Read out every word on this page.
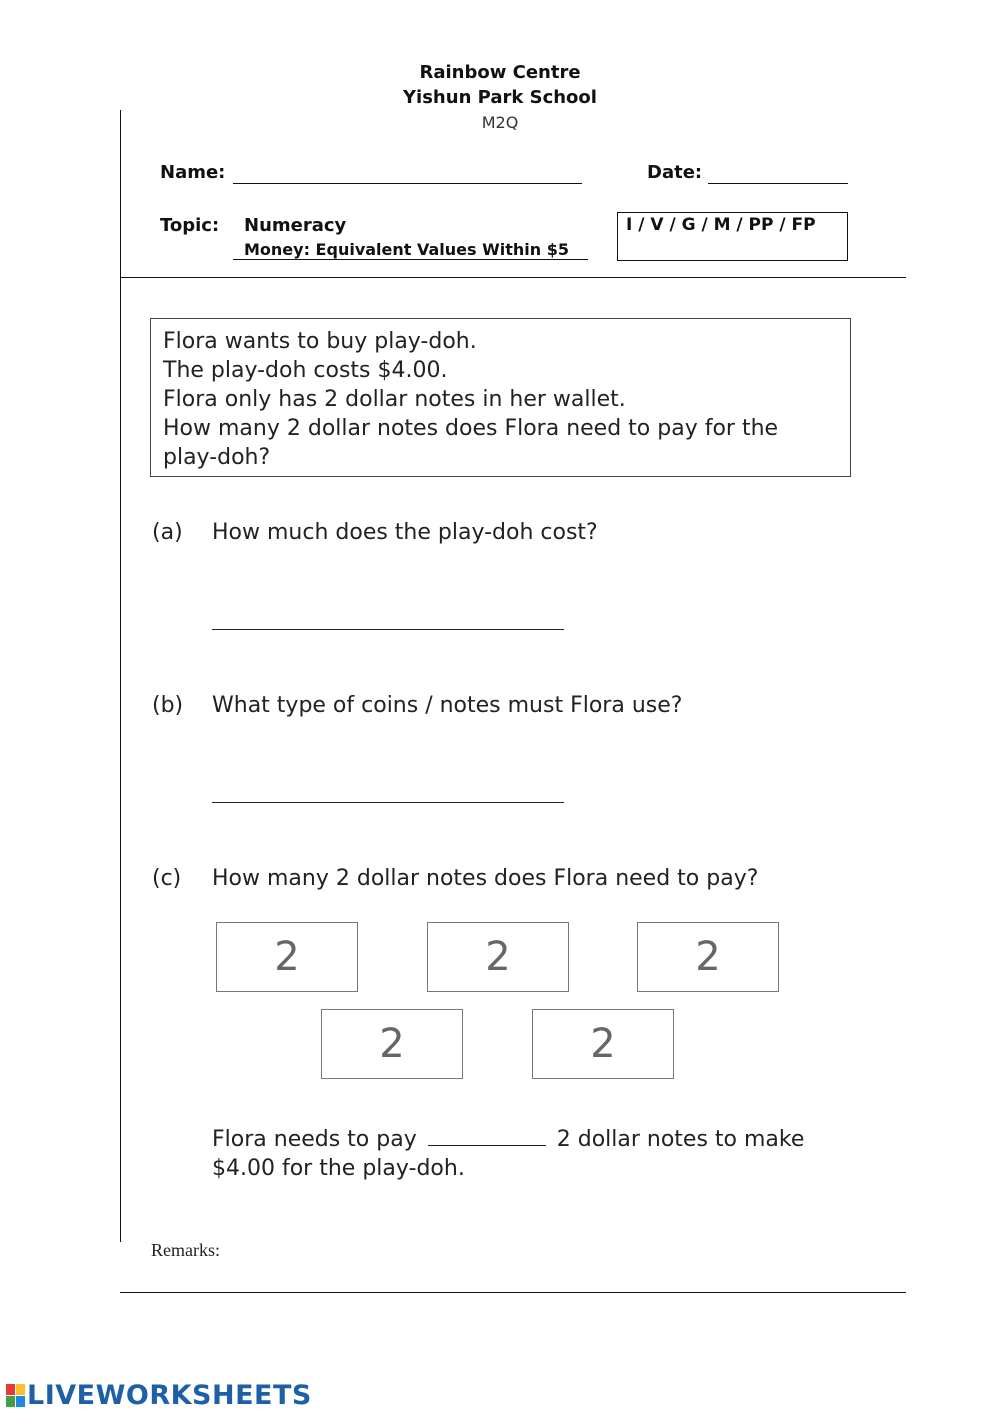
Rainbow Centre
Yishun Park School
M2Q
Name:	Date:
Topic: Numeracy
Money: Equivalent Values Within $5
I / V / G / M / PP / FP
Flora wants to buy play-doh.
The play-doh costs $4.00.
Flora only has 2 dollar notes in her wallet.
How many 2 dollar notes does Flora need to pay for the
play-doh?
(a) How much does the play-doh cost?
(b) What type of coins / notes must Flora use?
(c) How many 2 dollar notes does Flora need to pay?
2	2	2
2	2
Flora needs to pay	2 dollar notes to make
$4.00 for the play-doh.
Remarks:
LIVEWORKSHEETS
